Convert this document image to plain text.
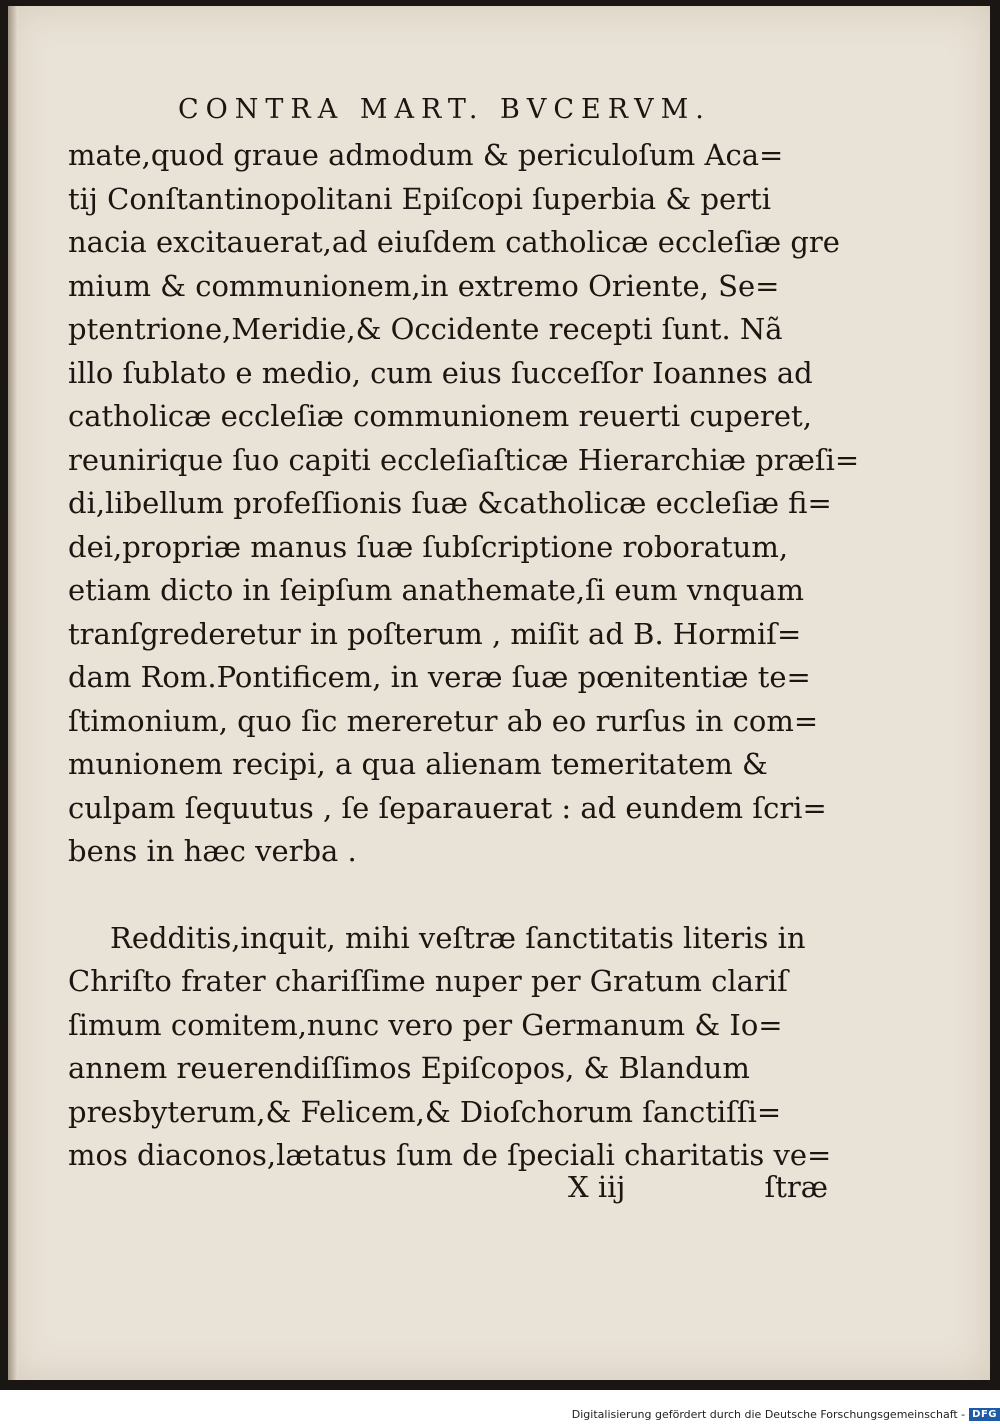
CONTRA MART. BVCERVM.
mate,quod graue admodum & periculoſum Aca=
tij Conſtantinopolitani Epiſcopi ſuperbia & perti
nacia excitauerat,ad eiuſdem catholicæ eccleſiæ gre
mium & communionem,in extremo Oriente, Se=
ptentrione,Meridie,& Occidente recepti ſunt. Nã
illo ſublato e medio, cum eius ſucceſſor Ioannes ad
catholicæ eccleſiæ communionem reuerti cuperet,
reunirique ſuo capiti eccleſiaſticæ Hierarchiæ præſi=
di,libellum profeſſionis ſuæ &catholicæ eccleſiæ fi=
dei,propriæ manus ſuæ ſubſcriptione roboratum,
etiam dicto in ſeipſum anathemate,ſi eum vnquam
tranſgrederetur in poſterum , miſit ad B. Hormiſ=
dam Rom.Pontificem, in veræ ſuæ pœnitentiæ te=
ſtimonium, quo ſic mereretur ab eo rurſus in com=
munionem recipi, a qua alienam temeritatem &
culpam ſequutus , ſe ſeparauerat : ad eundem ſcri=
bens in hæc verba .
Redditis,inquit, mihi veſtræ ſanctitatis literis in
Chriſto frater chariſſime nuper per Gratum clariſ
ſimum comitem,nunc vero per Germanum & Io=
annem reuerendiſſimos Epiſcopos, & Blandum
presbyterum,& Felicem,& Dioſchorum ſanctiſſi=
mos diaconos,lætatus ſum de ſpeciali charitatis ve=
X iij	ſtræ
Digitalisierung gefördert durch die Deutsche Forschungsgemeinschaft - DFG
